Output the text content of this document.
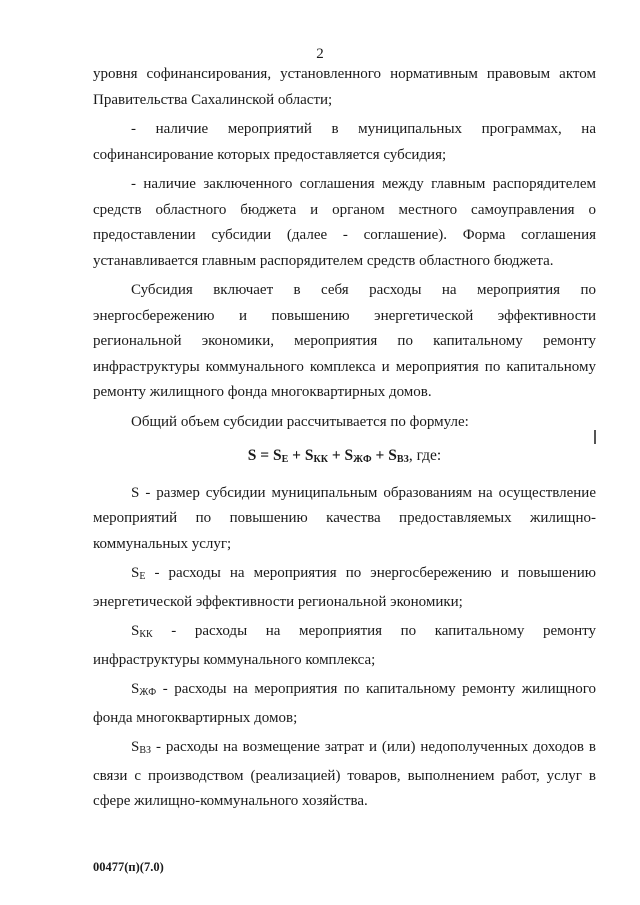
2

уровня софинансирования, установленного нормативным правовым актом Правительства Сахалинской области;

- наличие мероприятий в муниципальных программах, на софинансирование которых предоставляется субсидия;

- наличие заключенного соглашения между главным распорядителем средств областного бюджета и органом местного самоуправления о предоставлении субсидии (далее - соглашение). Форма соглашения устанавливается главным распорядителем средств областного бюджета.

Субсидия включает в себя расходы на мероприятия по энергосбережению и повышению энергетической эффективности региональной экономики, мероприятия по капитальному ремонту инфраструктуры коммунального комплекса и мероприятия по капитальному ремонту жилищного фонда многоквартирных домов.

Общий объем субсидии рассчитывается по формуле:

$S = S_Е + S_{КК} + S_{ЖФ} + S_{ВЗ}$, где:

S - размер субсидии муниципальным образованиям на осуществление мероприятий по повышению качества предоставляемых жилищно-коммунальных услуг;

$S_Е$ - расходы на мероприятия по энергосбережению и повышению энергетической эффективности региональной экономики;

$S_{КК}$ - расходы на мероприятия по капитальному ремонту инфраструктуры коммунального комплекса;

$S_{ЖФ}$ - расходы на мероприятия по капитальному ремонту жилищного фонда многоквартирных домов;

$S_{ВЗ}$ - расходы на возмещение затрат и (или) недополученных доходов в связи с производством (реализацией) товаров, выполнением работ, услуг в сфере жилищно-коммунального хозяйства.

00477(п)(7.0)
